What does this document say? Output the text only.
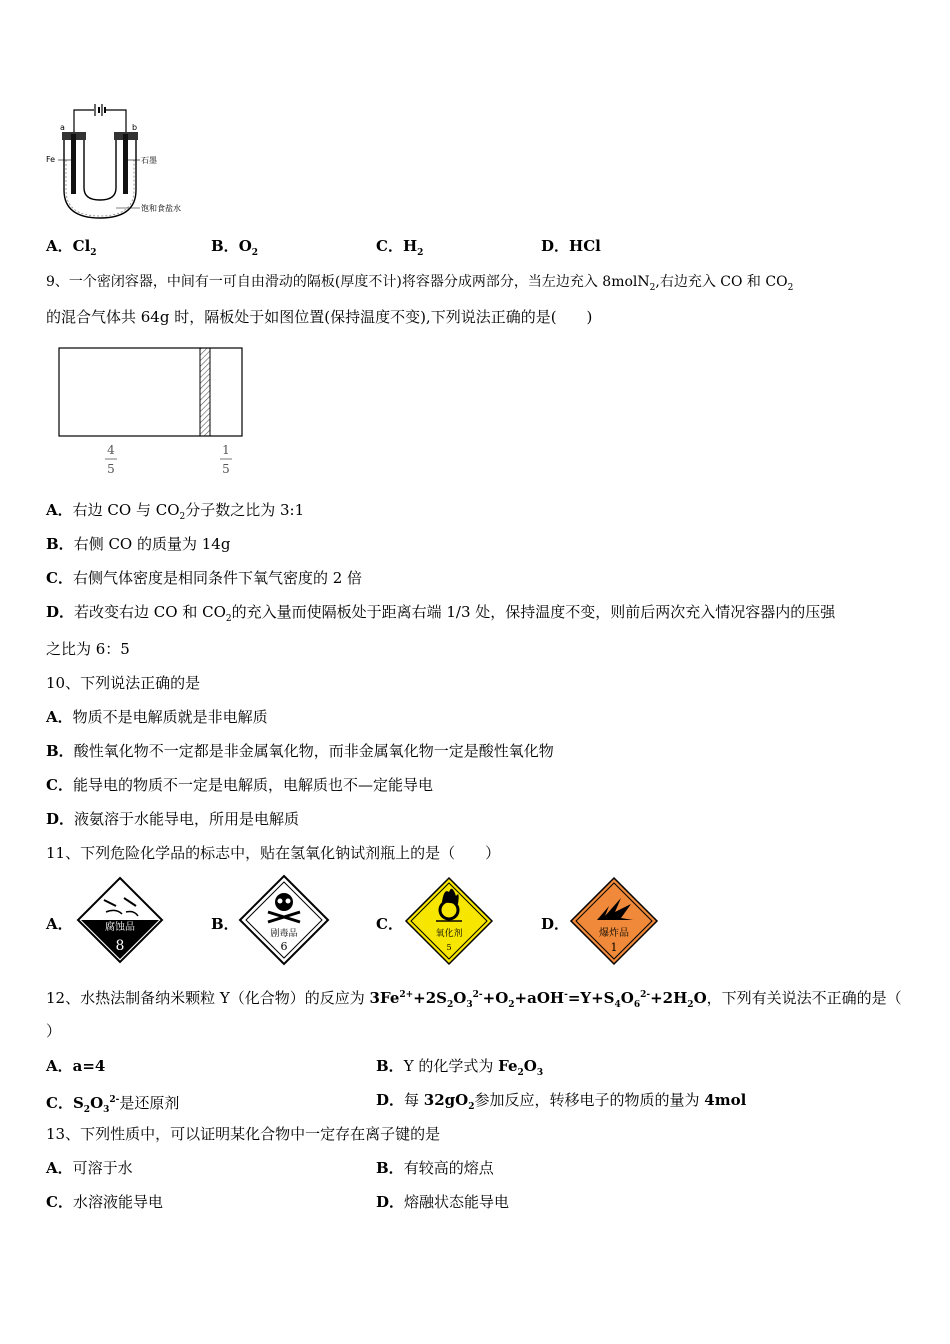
a	b
Fe	石墨
饱和食盐水
A．$Cl_2$	B．$O_2$	C．$H_2$	D．HCl
9、一个密闭容器，中间有一可自由滑动的隔板(厚度不计)将容器分成两部分，当左边充入 8molN$_2$,右边充入 CO 和 $CO_2$
的混合气体共 64g 时，隔板处于如图位置(保持温度不变),下列说法正确的是(　　)
4
5
1
5
A．右边 CO 与 $CO_2$分子数之比为 3:1
B．右侧 CO 的质量为 14g
C．右侧气体密度是相同条件下氧气密度的 2 倍
D．若改变右边 CO 和 $CO_2$的充入量而使隔板处于距离右端 1/3 处，保持温度不变，则前后两次充入情况容器内的压强
之比为 6：5
10、下列说法正确的是
A．物质不是电解质就是非电解质
B．酸性氧化物不一定都是非金属氧化物，而非金属氧化物一定是酸性氧化物
C．能导电的物质不一定是电解质，电解质也不—定能导电
D．液氨溶于水能导电，所用是电解质
11、下列危险化学品的标志中，贴在氢氧化钠试剂瓶上的是（　　）
A．	腐蚀品
8
B．
剧毒品
6
C．
氧化剂
5
D．
爆炸品
1
12、水热法制备纳米颗粒 Y（化合物）的反应为 $3Fe^{2+}+2S_2O_3^{2-}+O_2+aOH^-=Y+S_4O_6^{2-}+2H_2O$，下列有关说法不正确的是（
）
A．a=4	B．Y 的化学式为 $Fe_2O_3$
C．$S_2O_3^{2-}$是还原剂	D．每 $32gO_2$参加反应，转移电子的物质的量为 4mol
13、下列性质中，可以证明某化合物中一定存在离子键的是
A．可溶于水	B．有较高的熔点
C．水溶液能导电	D．熔融状态能导电
